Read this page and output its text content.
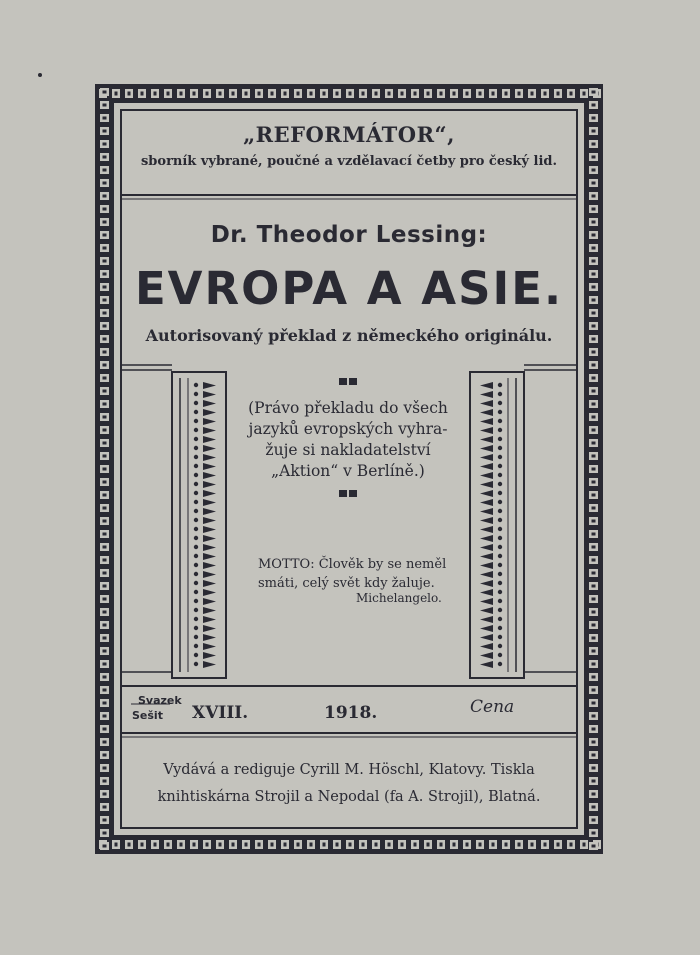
„REFORMÁTOR“,
sborník vybrané, poučné a vzdělavací četby pro český lid.
Dr. Theodor Lessing:
EVROPA A ASIE.
Autorisovaný překlad z německého originálu.
(Právo překladu do všech
jazyků evropských vyhra-
žuje si nakladatelství
„Aktion“ v Berlíně.)
MOTTO: Člověk by se neměl
smáti, celý svět kdy žaluje.
Michelangelo.
Svazek
Sešit	XVIII.	1918.	Cena
Vydává a rediguje Cyrill M. Höschl, Klatovy. Tiskla
knihtiskárna Strojil a Nepodal (fa A. Strojil), Blatná.
